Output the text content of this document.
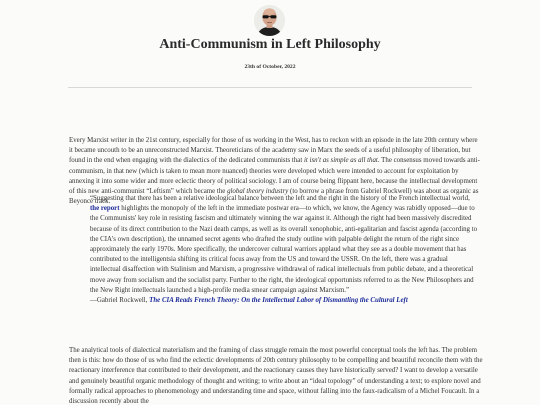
Anti-Communism in Left Philosophy
23th of October, 2022

Every Marxist writer in the 21st century, especially for those of us working in the West, has to reckon with an episode in the late 20th century where it became uncouth to be an unreconstructed Marxist. Theoreticians of the academy saw in Marx the seeds of a useful philosophy of liberation, but found in the end when engaging with the dialectics of the dedicated communists that it isn't as simple as all that. The consensus moved towards anti-communism, in that new (which is taken to mean more nuanced) theories were developed which were intended to account for exploitation by annexing it into some wider and more eclectic theory of political sociology. I am of course being flippant here, because the intellectual development of this new anti-communist “Leftism” which became the global theory industry (to borrow a phrase from Gabriel Rockwell) was about as organic as Beyoncé track.

“Suggesting that there has been a relative ideological balance between the left and the right in the history of the French intellectual world, the report highlights the monopoly of the left in the immediate postwar era—to which, we know, the Agency was rabidly opposed—due to the Communists' key role in resisting fascism and ultimately winning the war against it. Although the right had been massively discredited because of its direct contribution to the Nazi death camps, as well as its overall xenophobic, anti-egalitarian and fascist agenda (according to the CIA's own description), the unnamed secret agents who drafted the study outline with palpable delight the return of the right since approximately the early 1970s. More specifically, the undercover cultural warriors applaud what they see as a double movement that has contributed to the intelligentsia shifting its critical focus away from the US and toward the USSR. On the left, there was a gradual intellectual disaffection with Stalinism and Marxism, a progressive withdrawal of radical intellectuals from public debate, and a theoretical move away from socialism and the socialist party. Further to the right, the ideological opportunists referred to as the New Philosophers and the New Right intellectuals launched a high-profile media smear campaign against Marxism.”
—Gabriel Rockwell, The CIA Reads French Theory: On the Intellectual Labor of Dismantling the Cultural Left

The analytical tools of dialectical materialism and the framing of class struggle remain the most powerful conceptual tools the left has. The problem then is this: how do those of us who find the eclectic developments of 20th century philosophy to be compelling and beautiful reconcile them with the reactionary interference that contributed to their development, and the reactionary causes they have historically served? I want to develop a versatile and genuinely beautiful organic methodology of thought and writing; to write about an “ideal topology” of understanding a text; to explore novel and formally radical approaches to phenomenology and understanding time and space, without falling into the faux-radicalism of a Michel Foucault. In a discussion recently about the
